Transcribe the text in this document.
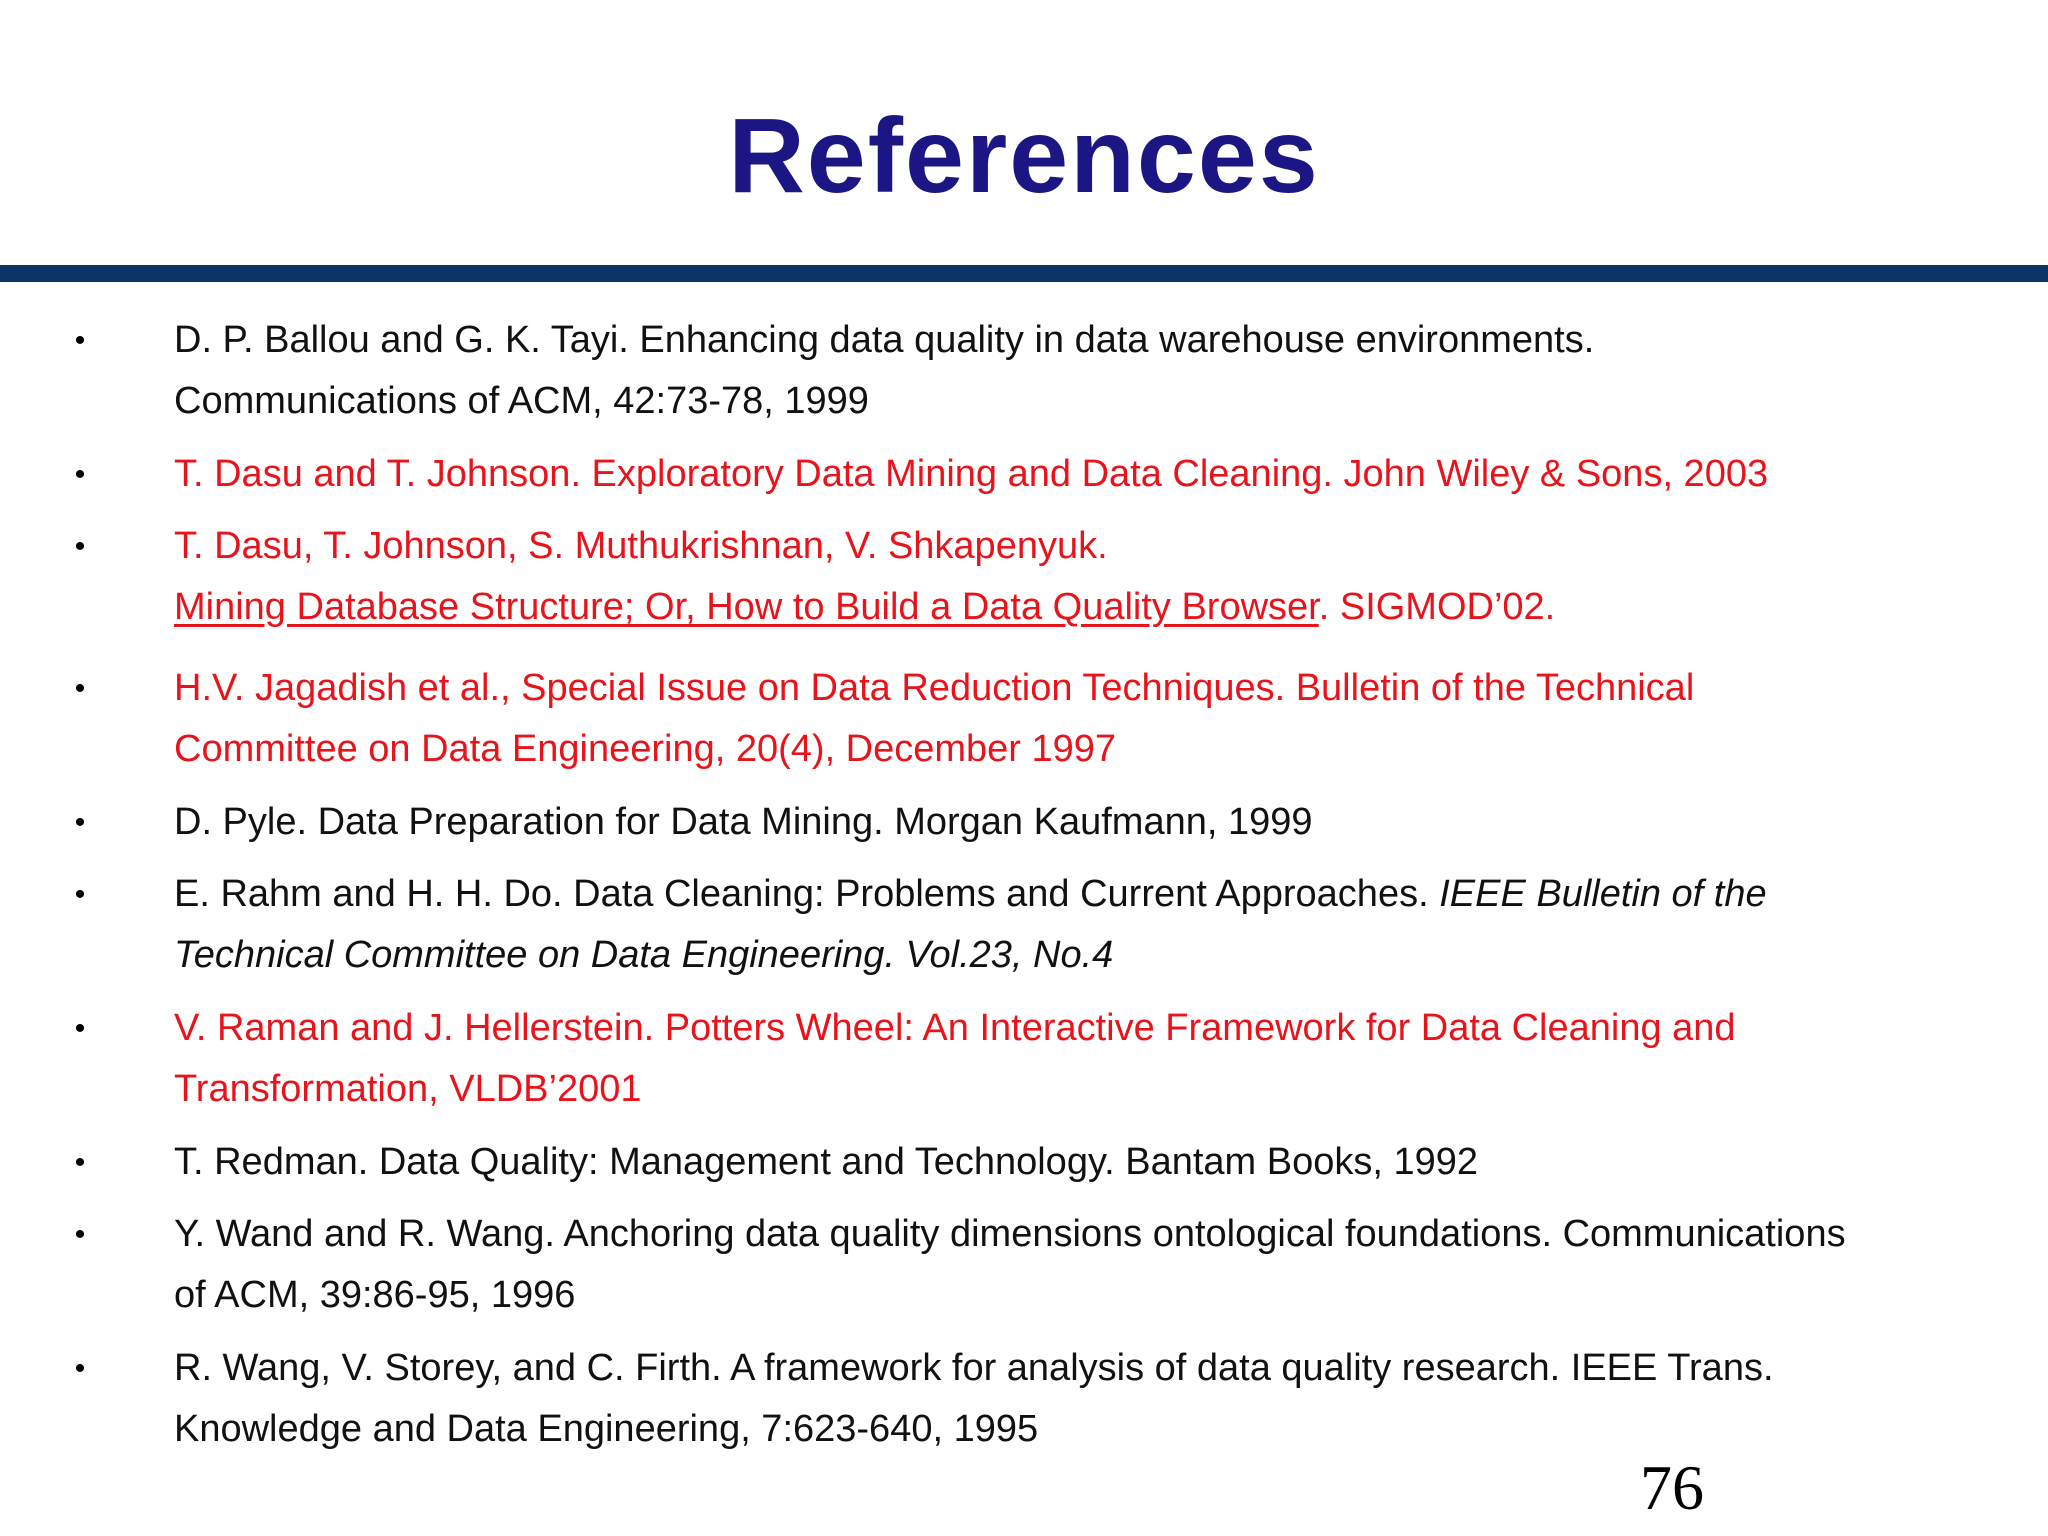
References
• D. P. Ballou and G. K. Tayi. Enhancing data quality in data warehouse environments.
Communications of ACM, 42:73-78, 1999
• T. Dasu and T. Johnson. Exploratory Data Mining and Data Cleaning. John Wiley & Sons, 2003
• T. Dasu, T. Johnson, S. Muthukrishnan, V. Shkapenyuk.
Mining Database Structure; Or, How to Build a Data Quality Browser. SIGMOD’02.
• H.V. Jagadish et al., Special Issue on Data Reduction Techniques. Bulletin of the Technical
Committee on Data Engineering, 20(4), December 1997
• D. Pyle. Data Preparation for Data Mining. Morgan Kaufmann, 1999
• E. Rahm and H. H. Do. Data Cleaning: Problems and Current Approaches. IEEE Bulletin of the
Technical Committee on Data Engineering. Vol.23, No.4
• V. Raman and J. Hellerstein. Potters Wheel: An Interactive Framework for Data Cleaning and
Transformation, VLDB’2001
• T. Redman. Data Quality: Management and Technology. Bantam Books, 1992
• Y. Wand and R. Wang. Anchoring data quality dimensions ontological foundations. Communications
of ACM, 39:86-95, 1996
• R. Wang, V. Storey, and C. Firth. A framework for analysis of data quality research. IEEE Trans.
Knowledge and Data Engineering, 7:623-640, 1995
76
